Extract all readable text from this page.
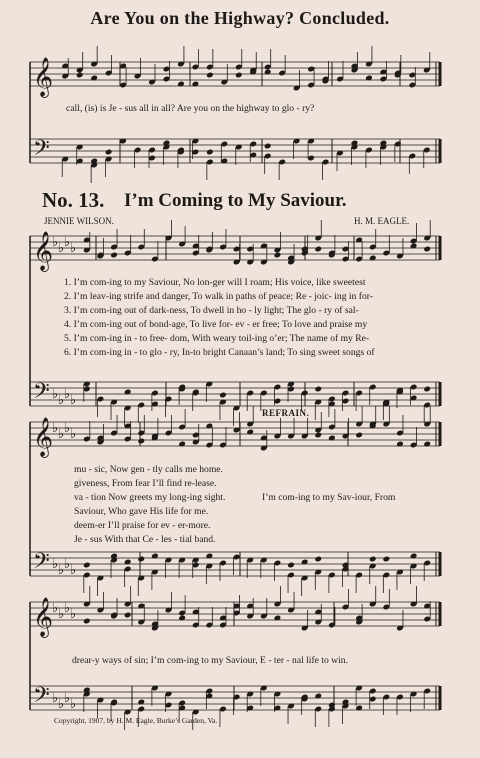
𝄞
𝄢
𝄞
𝄢
♭ ♭ ♭ ♭
♭ ♭ ♭ ♭
𝄞
𝄢
♭ ♭ ♭ ♭
♭ ♭ ♭ ♭
𝄞
𝄢
♭ ♭ ♭ ♭
♭ ♭ ♭ ♭
Are You on the Highway? Concluded.
call, (is) is Je - sus all in all? Are you on the highway to glo - ry?
No. 13. I’m Coming to My Saviour.
JENNIE WILSON.	H. M. EAGLE.
1. I’m com-ing to my Saviour, No lon-ger will I roam; His voice, like sweetest
2. I’m leav-ing strife and danger, To walk in paths of peace; Re - joic- ing in for-
3. I’m com-ing out of dark-ness, To dwell in ho - ly light; The glo - ry of sal-
4. I’m com-ing out of bond-age, To live for- ev - er free; To love and praise my
5. I’m com-ing in - to free- dom, With weary toil-ing o’er; The name of my Re-
6. I’m com-ing in - to glo - ry, In-to bright Canaan’s land; To sing sweet songs of
REFRAIN.
mu - sic, Now gen - tly calls me home.
giveness, From fear I’ll find re-lease.
va - tion Now greets my long-ing sight.
Saviour, Who gave His life for me.
deem-er I’ll praise for ev - er-more.
Je - sus With that Ce - les - tial band.
I’m com-ing to my Sav-iour, From
drear-y ways of sin; I’m com-ing to my Saviour, E - ter - nal life to win.
Copyright, 1907, by H. M. Eagle, Burke’s Garden, Va.
